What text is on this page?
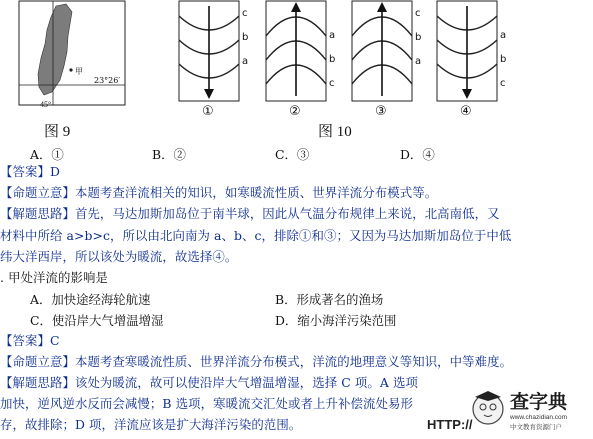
甲
23°26′
45°
图 9
c
b
a
①
a
b
c
②
c
b
a
③
a
b
c
④
图 10
A．①	B．②	C．③	D．④
【答案】D
【命题立意】本题考查洋流相关的知识，如寒暖流性质、世界洋流分布模式等。
【解题思路】首先，马达加斯加岛位于南半球，因此从气温分布规律上来说，北高南低，又
材料中所给 a>b>c，所以由北向南为 a、b、c，排除①和③；又因为马达加斯加岛位于中低
纬大洋西岸，所以该处为暖流，故选择④。
. 甲处洋流的影响是
A．加快途经海轮航速	B．形成著名的渔场
C．使沿岸大气增温增湿	D．缩小海洋污染范围
【答案】C
【命题立意】本题考查寒暖流性质、世界洋流分布模式，洋流的地理意义等知识，中等难度。
【解题思路】该处为暖流，故可以使沿岸大气增温增湿，选择 C 项。A 选项
加快，逆风逆水反而会减慢；B 选项，寒暖流交汇处或者上升补偿流处易形
存，故排除；D 项，洋流应该是扩大海洋污染的范围。
查字典
www.chazidian.com
中文教育资源门户
HTTP://
